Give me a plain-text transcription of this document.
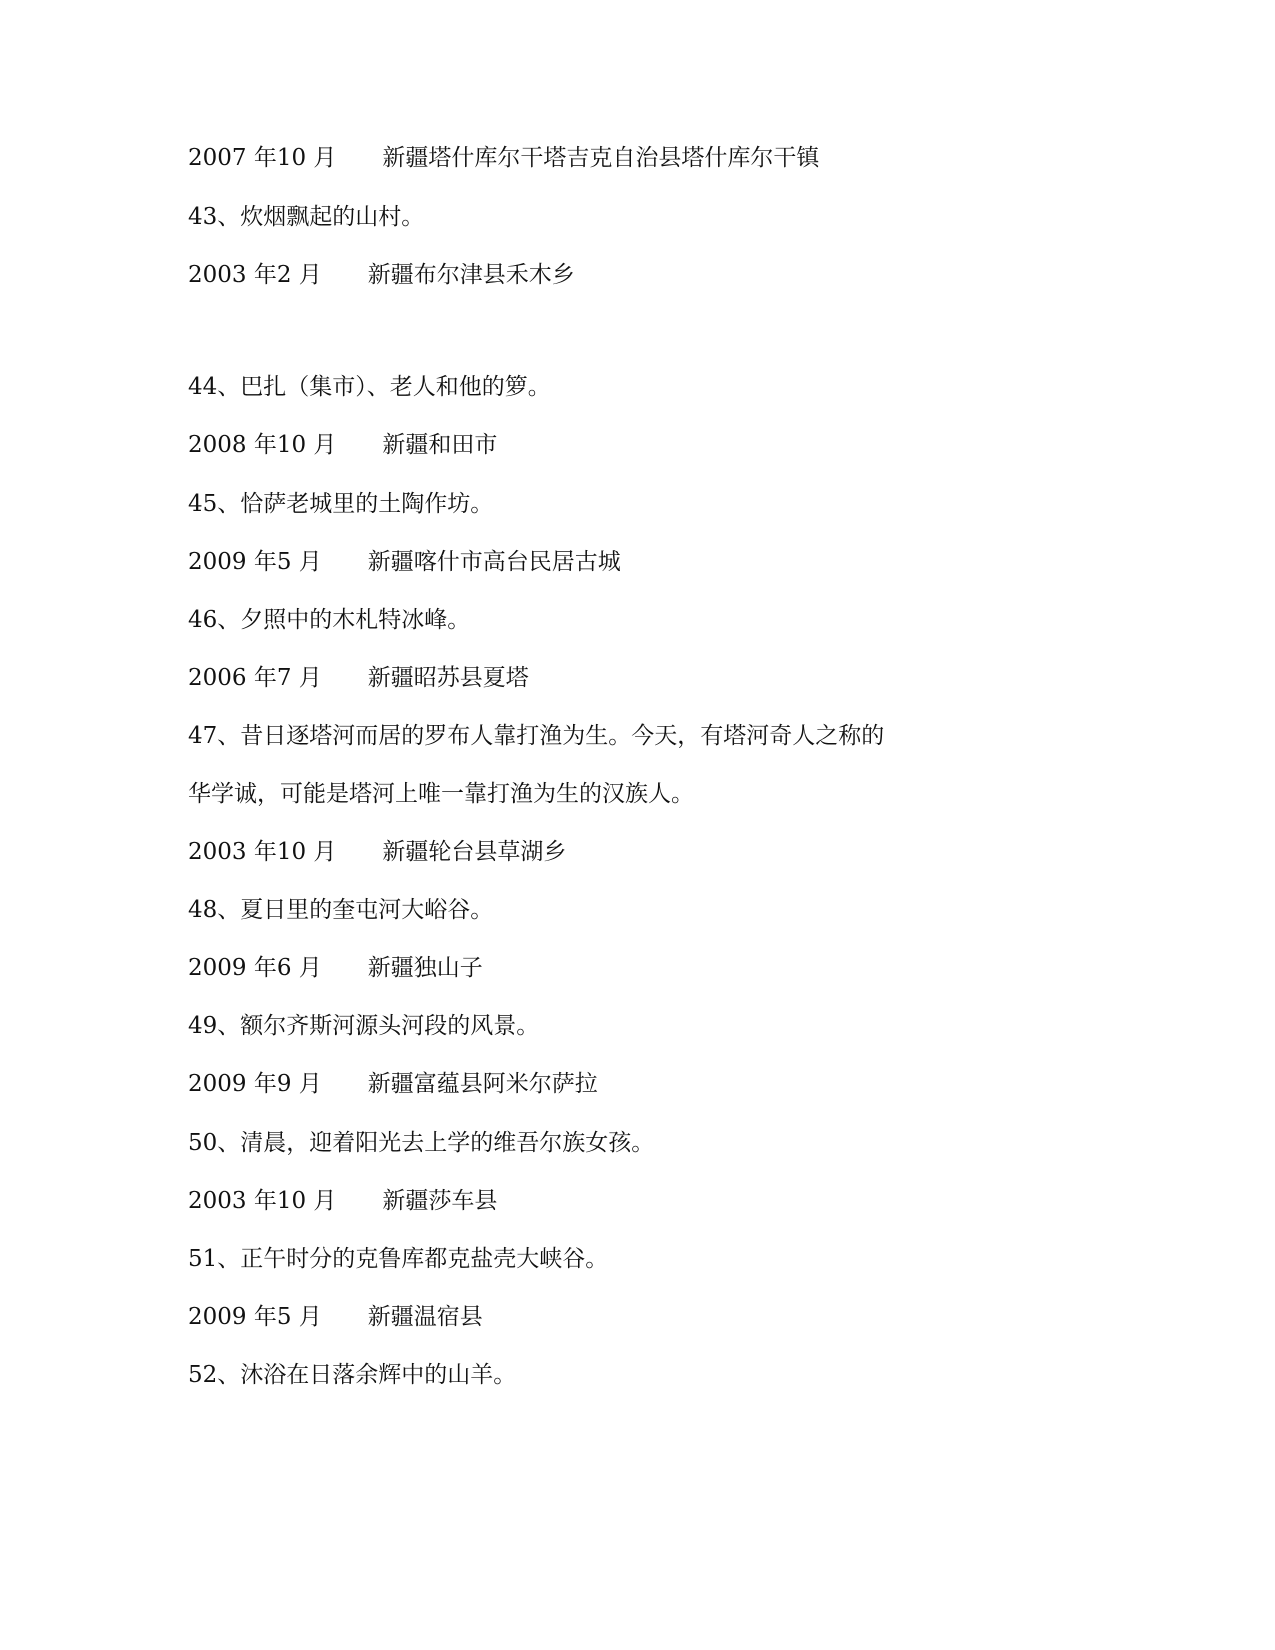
2007 年10 月 新疆塔什库尔干塔吉克自治县塔什库尔干镇
43、炊烟飘起的山村。
2003 年2 月 新疆布尔津县禾木乡
44、巴扎（集市）、老人和他的箩。
2008 年10 月 新疆和田市
45、恰萨老城里的土陶作坊。
2009 年5 月 新疆喀什市高台民居古城
46、夕照中的木札特冰峰。
2006 年7 月 新疆昭苏县夏塔
47、昔日逐塔河而居的罗布人靠打渔为生。今天，有塔河奇人之称的
华学诚，可能是塔河上唯一靠打渔为生的汉族人。
2003 年10 月 新疆轮台县草湖乡
48、夏日里的奎屯河大峪谷。
2009 年6 月 新疆独山子
49、额尔齐斯河源头河段的风景。
2009 年9 月 新疆富蕴县阿米尔萨拉
50、清晨，迎着阳光去上学的维吾尔族女孩。
2003 年10 月 新疆莎车县
51、正午时分的克鲁库都克盐壳大峡谷。
2009 年5 月 新疆温宿县
52、沐浴在日落余辉中的山羊。
